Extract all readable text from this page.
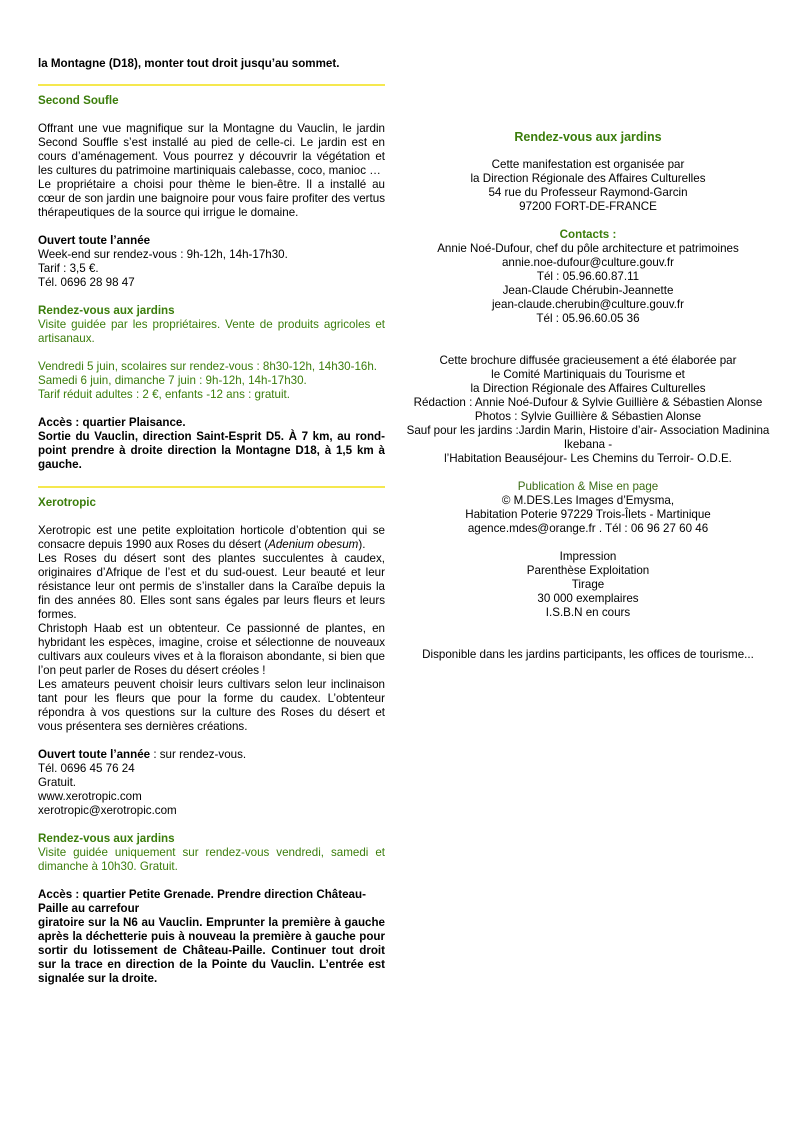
la Montagne (D18), monter tout droit jusqu’au sommet.

Second Soufle

Offrant une vue magnifique sur la Montagne du Vauclin, le jardin Second Souffle s’est installé au pied de celle-ci. Le jardin est en cours d’aménagement. Vous pourrez y découvrir la végétation et les cultures du patrimoine martiniquais calebasse, coco, manioc …

Le propriétaire a choisi pour thème le bien-être. Il a installé au cœur de son jardin une baignoire pour vous faire profiter des vertus thérapeutiques de la source qui irrigue le domaine.

Ouvert toute l’année

Week-end sur rendez-vous : 9h-12h, 14h-17h30.

Tarif : 3,5 €.

Tél. 0696 28 98 47

Rendez-vous aux jardins

Visite guidée par les propriétaires. Vente de produits agricoles et artisanaux.

Vendredi 5 juin, scolaires sur rendez-vous : 8h30-12h, 14h30-16h.

Samedi 6 juin, dimanche 7 juin : 9h-12h, 14h-17h30.

Tarif réduit adultes : 2 €, enfants -12 ans : gratuit.

Accès : quartier Plaisance.

Sortie du Vauclin, direction Saint-Esprit D5. À 7 km, au rond-point prendre à droite direction la Montagne D18, à 1,5 km à gauche.

Xerotropic

Xerotropic est une petite exploitation horticole d’obtention qui se consacre depuis 1990 aux Roses du désert (Adenium obesum).

Les Roses du désert sont des plantes succulentes à caudex, originaires d’Afrique de l’est et du sud-ouest. Leur beauté et leur résistance leur ont permis de s’installer dans la Caraïbe depuis la fin des années 80. Elles sont sans égales par leurs fleurs et leurs formes.

Christoph Haab est un obtenteur. Ce passionné de plantes, en hybridant les espèces, imagine, croise et sélectionne de nouveaux cultivars aux couleurs vives et à la floraison abondante, si bien que l’on peut parler de Roses du désert créoles !

Les amateurs peuvent choisir leurs cultivars selon leur inclinaison tant pour les fleurs que pour la forme du caudex. L’obtenteur répondra à vos questions sur la culture des Roses du désert et vous présentera ses dernières créations.

Ouvert toute l’année : sur rendez-vous.

Tél. 0696 45 76 24

Gratuit.

www.xerotropic.com

xerotropic@xerotropic.com

Rendez-vous aux jardins

Visite guidée uniquement sur rendez-vous vendredi, samedi et dimanche à 10h30. Gratuit.

Accès : quartier Petite Grenade. Prendre direction Château-Paille au carrefour

giratoire sur la N6 au Vauclin. Emprunter la première à gauche après la déchetterie puis à nouveau la première à gauche pour sortir du lotissement de Château-Paille. Continuer tout droit sur la trace en direction de la Pointe du Vauclin. L’entrée est signalée sur la droite.

Rendez-vous aux jardins

Cette manifestation est organisée par

la Direction Régionale des Affaires Culturelles

54 rue du Professeur Raymond-Garcin

97200 FORT-DE-FRANCE

Contacts :

Annie Noé-Dufour, chef du pôle architecture et patrimoines

annie.noe-dufour@culture.gouv.fr

Tél : 05.96.60.87.11

Jean-Claude Chérubin-Jeannette

jean-claude.cherubin@culture.gouv.fr

Tél : 05.96.60.05 36

Cette brochure diffusée gracieusement a été élaborée par

le Comité Martiniquais du Tourisme et

la Direction Régionale des Affaires Culturelles

Rédaction : Annie Noé-Dufour & Sylvie Guillière & Sébastien Alonse

Photos : Sylvie Guillière & Sébastien Alonse

Sauf pour les jardins :Jardin Marin, Histoire d’air- Association Madinina Ikebana -

l’Habitation Beauséjour- Les Chemins du Terroir- O.D.E.

Publication & Mise en page

© M.DES.Les Images d’Emysma,

Habitation Poterie 97229 Trois-Îlets - Martinique

agence.mdes@orange.fr . Tél : 06 96 27 60 46

Impression

Parenthèse Exploitation

Tirage

30 000 exemplaires

I.S.B.N en cours

Disponible dans les jardins participants, les offices de tourisme...
